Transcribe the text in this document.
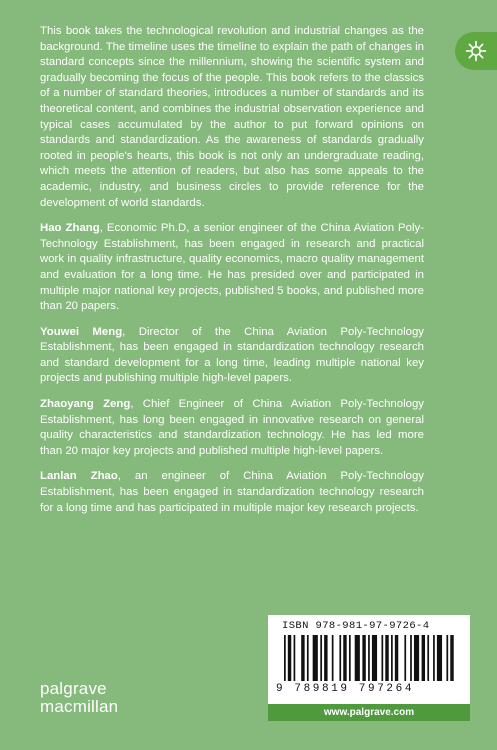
This book takes the technological revolution and industrial changes as the background. The timeline uses the timeline to explain the path of changes in standard concepts since the millennium, showing the scientific system and gradually becoming the focus of the people. This book refers to the classics of a number of standard theories, introduces a number of standards and its theoretical content, and combines the industrial observation experience and typical cases accumulated by the author to put forward opinions on standards and standardization. As the awareness of standards gradually rooted in people's hearts, this book is not only an undergraduate reading, which meets the attention of readers, but also has some appeals to the academic, industry, and business circles to provide reference for the development of world standards.

Hao Zhang, Economic Ph.D, a senior engineer of the China Aviation Poly-Technology Establishment, has been engaged in research and practical work in quality infrastructure, quality economics, macro quality management and evaluation for a long time. He has presided over and participated in multiple major national key projects, published 5 books, and published more than 20 papers.

Youwei Meng, Director of the China Aviation Poly-Technology Establishment, has been engaged in standardization technology research and standard development for a long time, leading multiple national key projects and publishing multiple high-level papers.

Zhaoyang Zeng, Chief Engineer of China Aviation Poly-Technology Establishment, has long been engaged in innovative research on general quality characteristics and standardization technology. He has led more than 20 major key projects and published multiple high-level papers.

Lanlan Zhao, an engineer of China Aviation Poly-Technology Establishment, has been engaged in standardization technology research for a long time and has participated in multiple major key research projects.

ISBN 978-981-97-9726-4
9 789819 797264
www.palgrave.com
palgrave
macmillan
